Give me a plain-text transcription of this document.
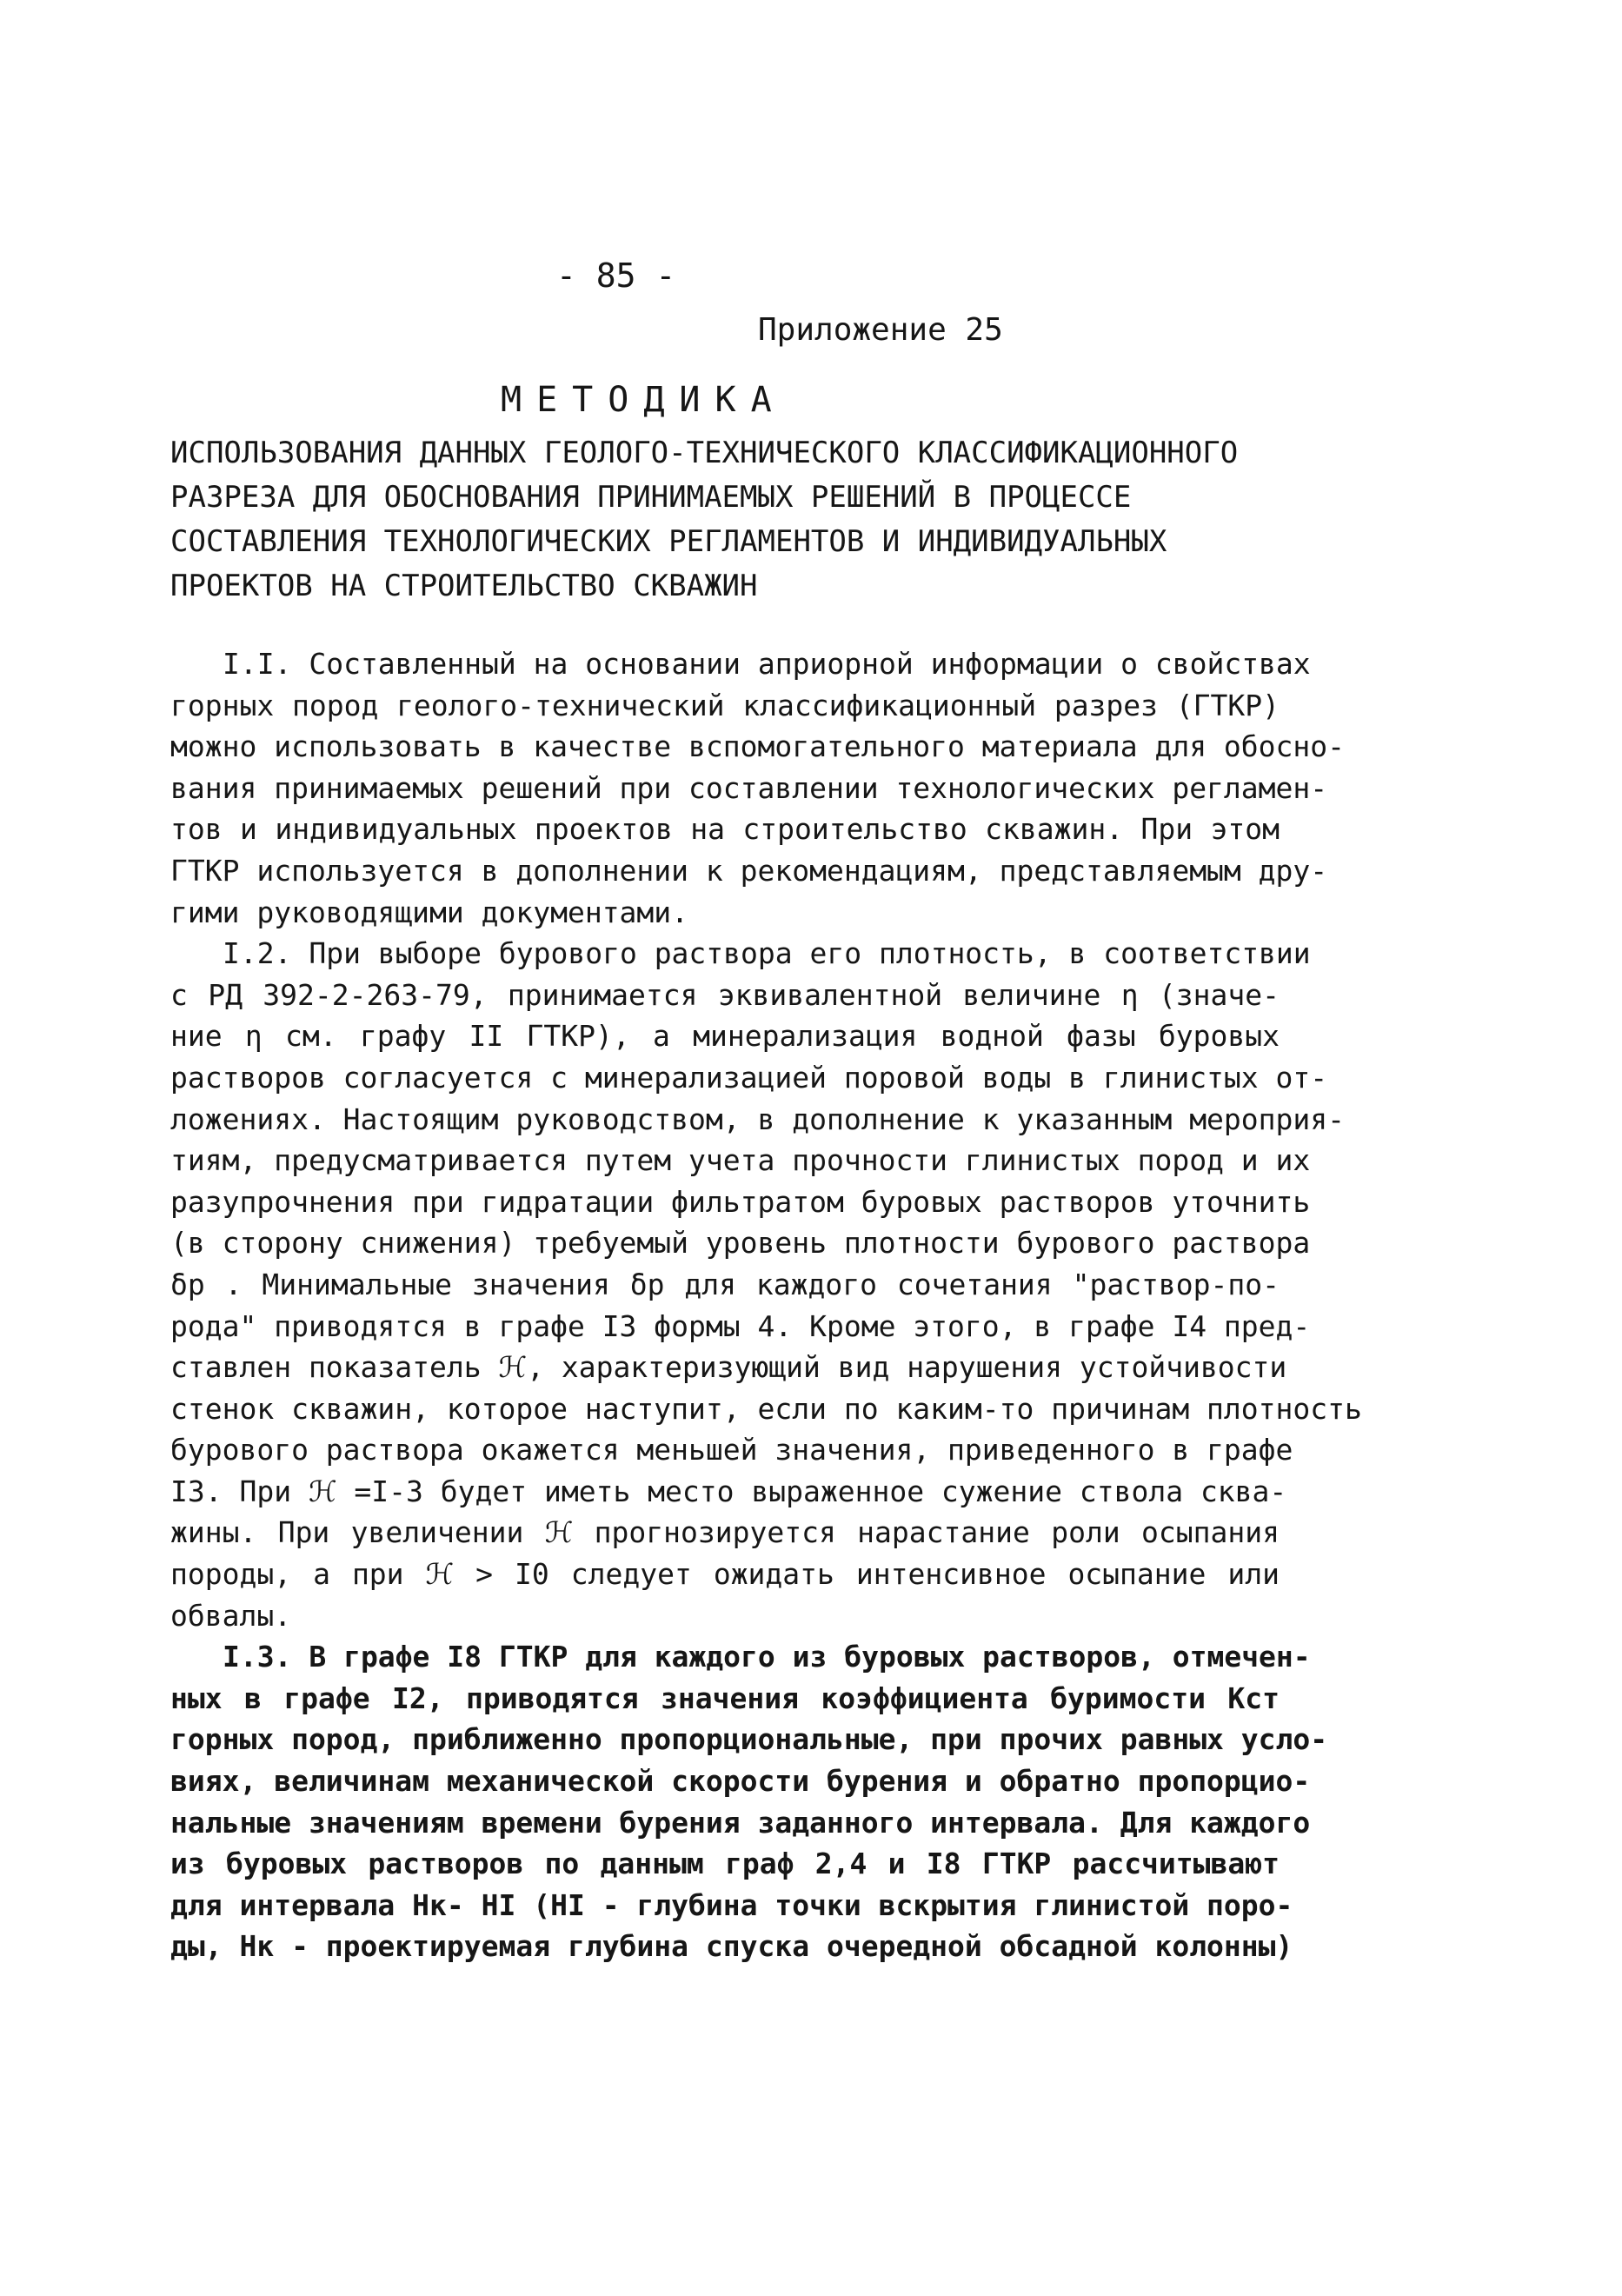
- 85 -
Приложение 25
МЕТОДИКА
ИСПОЛЬЗОВАНИЯ ДАННЫХ ГЕОЛОГО-ТЕХНИЧЕСКОГО КЛАССИФИКАЦИОННОГО
РАЗРЕЗА ДЛЯ ОБОСНОВАНИЯ ПРИНИМАЕМЫХ РЕШЕНИЙ В ПРОЦЕССЕ
СОСТАВЛЕНИЯ ТЕХНОЛОГИЧЕСКИХ РЕГЛАМЕНТОВ И ИНДИВИДУАЛЬНЫХ
ПРОЕКТОВ НА СТРОИТЕЛЬСТВО СКВАЖИН
I.I. Составленный на основании априорной информации о свойствах
горных пород геолого-технический классификационный разрез (ГТКР)
можно использовать в качестве вспомогательного материала для обосно-
вания принимаемых решений при составлении технологических регламен-
тов и индивидуальных проектов на строительство скважин. При этом
ГТКР используется в дополнении к рекомендациям, представляемым дру-
гими руководящими документами.
I.2. При выборе бурового раствора его плотность, в соответствии
с РД 392-2-263-79, принимается эквивалентной величине η (значе-
ние η см. графу II ГТКР), а минерализация водной фазы буровых
растворов согласуется с минерализацией поровой воды в глинистых от-
ложениях. Настоящим руководством, в дополнение к указанным мероприя-
тиям, предусматривается путем учета прочности глинистых пород и их
разупрочнения при гидратации фильтратом буровых растворов уточнить
(в сторону снижения) требуемый уровень плотности бурового раствора
δр . Минимальные значения δр для каждого сочетания "раствор-по-
рода" приводятся в графе I3 формы 4. Кроме этого, в графе I4 пред-
ставлен показатель ℋ, характеризующий вид нарушения устойчивости
стенок скважин, которое наступит, если по каким-то причинам плотность
бурового раствора окажется меньшей значения, приведенного в графе
I3. При ℋ =I-3 будет иметь место выраженное сужение ствола сква-
жины. При увеличении ℋ прогнозируется нарастание роли осыпания
породы, а при ℋ > I0 следует ожидать интенсивное осыпание или
обвалы.
I.3. В графе I8 ГТКР для каждого из буровых растворов, отмечен-
ных в графе I2, приводятся значения коэффициента буримости Кст
горных пород, приближенно пропорциональные, при прочих равных усло-
виях, величинам механической скорости бурения и обратно пропорцио-
нальные значениям времени бурения заданного интервала. Для каждого
из буровых растворов по данным граф 2,4 и I8 ГТКР рассчитывают
для интервала Нк- НI (НI - глубина точки вскрытия глинистой поро-
ды, Нк - проектируемая глубина спуска очередной обсадной колонны)
